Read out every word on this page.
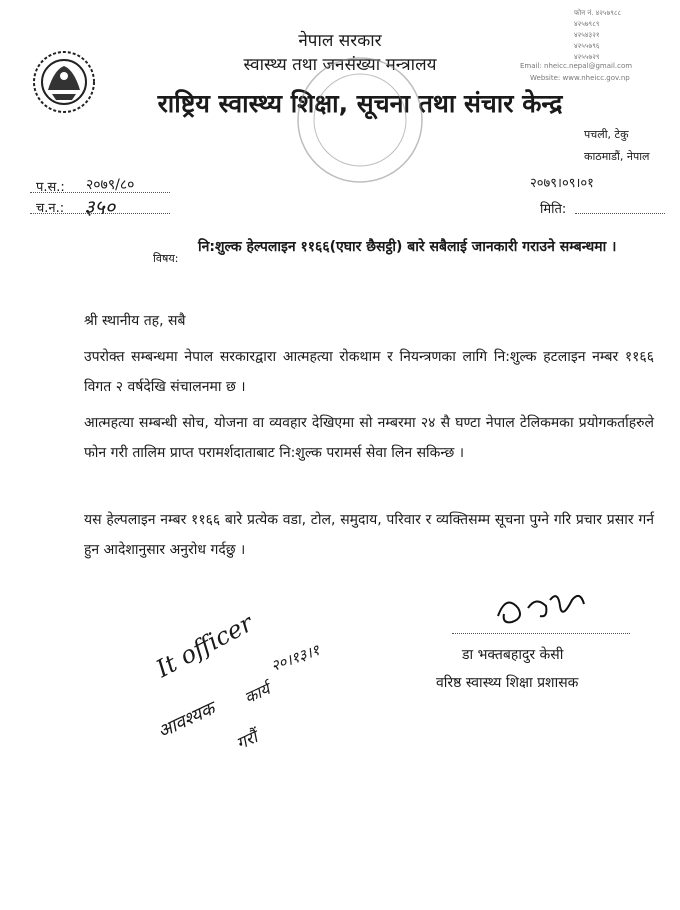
नेपाल सरकार
स्वास्थ्य तथा जनसंख्या मन्त्रालय
राष्ट्रिय स्वास्थ्य शिक्षा, सूचना तथा संचार केन्द्र
फोन नं. ४२५७९८८
४२५७९८९
४२५४३२१
४२५५७९६
४२५५७२९
Email: nheicc.nepal@gmail.com
Website: www.nheicc.gov.np
पचली, टेकु
काठमाडौं, नेपाल
प.स.: २०७९/८०
च.न.: ३५०
२०७९।०९।०१
मिति:
विषय:
नि:शुल्क हेल्पलाइन ११६६(एघार छैसट्ठी) बारे सबैलाई जानकारी गराउने सम्बन्धमा ।
श्री स्थानीय तह, सबै
उपरोक्त सम्बन्धमा नेपाल सरकारद्वारा आत्महत्या रोकथाम र नियन्त्रणका लागि नि:शुल्क हटलाइन नम्बर ११६६ विगत २ वर्षदेखि संचालनमा छ ।
आत्महत्या सम्बन्धी सोच, योजना वा व्यवहार देखिएमा सो नम्बरमा २४ सै घण्टा नेपाल टेलिकमका प्रयोगकर्ताहरुले फोन गरी तालिम प्राप्त परामर्शदाताबाट नि:शुल्क परामर्स सेवा लिन सकिन्छ ।
यस हेल्पलाइन नम्बर ११६६ बारे प्रत्येक वडा, टोल, समुदाय, परिवार र व्यक्तिसम्म सूचना पुग्ने गरि प्रचार प्रसार गर्न हुन आदेशानुसार अनुरोध गर्दछु ।
डा भक्तबहादुर केसी
वरिष्ठ स्वास्थ्य शिक्षा प्रशासक
It officer
आवश्यक
कार्य
गरौं
२०।१३।१
